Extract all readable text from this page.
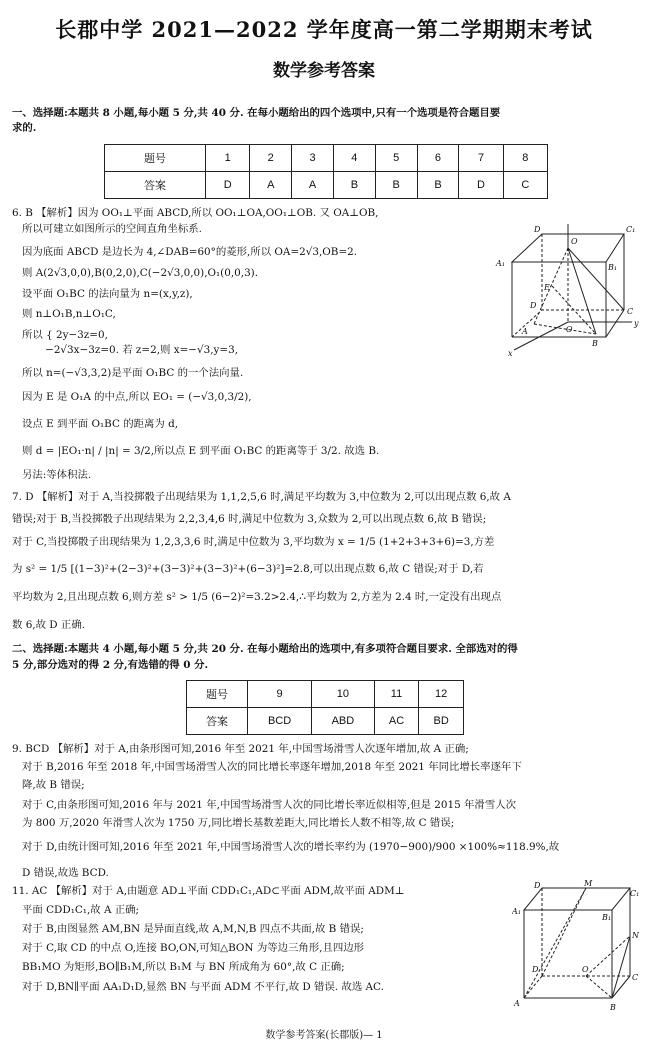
长郡中学 2021—2022 学年度高一第二学期期末考试
数学参考答案
一、选择题:本题共 8 小题,每小题 5 分,共 40 分. 在每小题给出的四个选项中,只有一个选项是符合题目要
求的.
题号	1	2	3	4	5	6	7	8
答案	D	A	A	B	B	B	D	C
6. B 【解析】因为 OO₁⊥平面 ABCD,所以 OO₁⊥OA,OO₁⊥OB. 又 OA⊥OB,
所以可建立如图所示的空间直角坐标系.
因为底面 ABCD 是边长为 4,∠DAB=60°的菱形,所以 OA=2√3,OB=2.
则 A(2√3,0,0),B(0,2,0),C(−2√3,0,0),O₁(0,0,3).
设平面 O₁BC 的法向量为 n=(x,y,z),
则 n⊥O₁B,n⊥O₁C,
所以 { 2y−3z=0,
−2√3x−3z=0. 若 z=2,则 x=−√3,y=3,
所以 n=(−√3,3,2)是平面 O₁BC 的一个法向量.
因为 E 是 O₁A 的中点,所以 EO₁ = (−√3,0,3/2),
设点 E 到平面 O₁BC 的距离为 d,
则 d = |EO₁·n| / |n| = 3/2,所以点 E 到平面 O₁BC 的距离等于 3/2. 故选 B.
另法:等体积法.
D
O
C₁
A₁	B₁
E
D
C
A	O
B
y
x
7. D 【解析】对于 A,当投掷骰子出现结果为 1,1,2,5,6 时,满足平均数为 3,中位数为 2,可以出现点数 6,故 A
错误;对于 B,当投掷骰子出现结果为 2,2,3,4,6 时,满足中位数为 3,众数为 2,可以出现点数 6,故 B 错误;
对于 C,当投掷骰子出现结果为 1,2,3,3,6 时,满足中位数为 3,平均数为 x = 1/5 (1+2+3+3+6)=3,方差
为 s² = 1/5 [(1−3)²+(2−3)²+(3−3)²+(3−3)²+(6−3)²]=2.8,可以出现点数 6,故 C 错误;对于 D,若
平均数为 2,且出现点数 6,则方差 s² > 1/5 (6−2)²=3.2>2.4,∴平均数为 2,方差为 2.4 时,一定没有出现点
数 6,故 D 正确.
二、选择题:本题共 4 小题,每小题 5 分,共 20 分. 在每小题给出的选项中,有多项符合题目要求. 全部选对的得
5 分,部分选对的得 2 分,有选错的得 0 分.
题号	9	10	11	12
答案	BCD	ABD	AC	BD
9. BCD 【解析】对于 A,由条形图可知,2016 年至 2021 年,中国雪场滑雪人次逐年增加,故 A 正确;
对于 B,2016 年至 2018 年,中国雪场滑雪人次的同比增长率逐年增加,2018 年至 2021 年同比增长率逐年下
降,故 B 错误;
对于 C,由条形图可知,2016 年与 2021 年,中国雪场滑雪人次的同比增长率近似相等,但是 2015 年滑雪人次
为 800 万,2020 年滑雪人次为 1750 万,同比增长基数差距大,同比增长人数不相等,故 C 错误;
对于 D,由统计图可知,2016 年至 2021 年,中国雪场滑雪人次的增长率约为 (1970−900)/900 ×100%≈118.9%,故
D 错误,故选 BCD.
11. AC 【解析】对于 A,由题意 AD⊥平面 CDD₁C₁,AD⊂平面 ADM,故平面 ADM⊥
平面 CDD₁C₁,故 A 正确;
对于 B,由图显然 AM,BN 是异面直线,故 A,M,N,B 四点不共面,故 B 错误;
对于 C,取 CD 的中点 O,连接 BO,ON,可知△BON 为等边三角形,且四边形
BB₁MO 为矩形,BO∥B₁M,所以 B₁M 与 BN 所成角为 60°,故 C 正确;
对于 D,BN∥平面 AA₁D₁D,显然 BN 与平面 ADM 不平行,故 D 错误. 故选 AC.
D	M
C₁
A₁
B₁
N
D	O
C
A	B
数学参考答案(长郡版)— 1
